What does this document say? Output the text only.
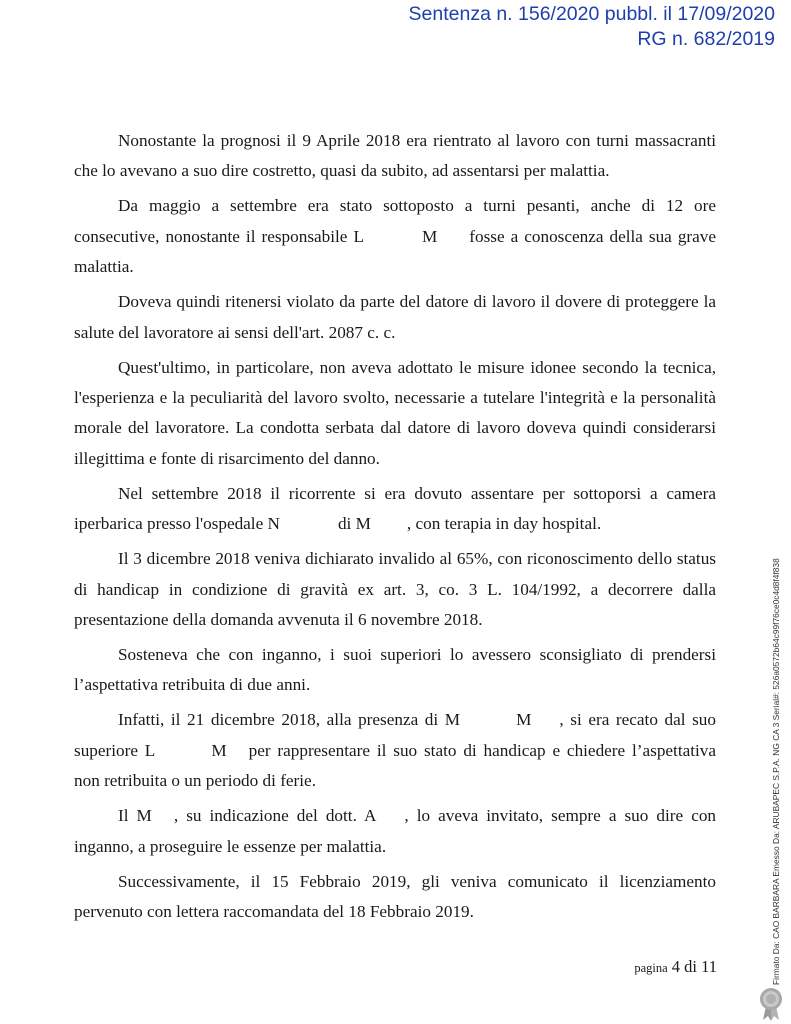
Sentenza n. 156/2020 pubbl. il 17/09/2020
RG n. 682/2019

Nonostante la prognosi il 9 Aprile 2018 era rientrato al lavoro con turni massacranti che lo avevano a suo dire costretto, quasi da subito, ad assentarsi per malattia.

Da maggio a settembre era stato sottoposto a turni pesanti, anche di 12 ore consecutive, nonostante il responsabile L	M fosse a conoscenza della sua grave malattia.

Doveva quindi ritenersi violato da parte del datore di lavoro il dovere di proteggere la salute del lavoratore ai sensi dell'art. 2087 c. c.

Quest'ultimo, in particolare, non aveva adottato le misure idonee secondo la tecnica, l'esperienza e la peculiarità del lavoro svolto, necessarie a tutelare l'integrità e la personalità morale del lavoratore. La condotta serbata dal datore di lavoro doveva quindi considerarsi illegittima e fonte di risarcimento del danno.

Nel settembre 2018 il ricorrente si era dovuto assentare per sottoporsi a camera iperbarica presso l'ospedale N	di M , con terapia in day hospital.

Il 3 dicembre 2018 veniva dichiarato invalido al 65%, con riconoscimento dello status di handicap in condizione di gravità ex art. 3, co. 3 L. 104/1992, a decorrere dalla presentazione della domanda avvenuta il 6 novembre 2018.

Sosteneva che con inganno, i suoi superiori lo avessero sconsigliato di prendersi l’aspettativa retribuita di due anni.

Infatti, il 21 dicembre 2018, alla presenza di M	M , si era recato dal suo superiore L	M per rappresentare il suo stato di handicap e chiedere l’aspettativa non retribuita o un periodo di ferie.

Il M , su indicazione del dott. A , lo aveva invitato, sempre a suo dire con inganno, a proseguire le essenze per malattia.

Successivamente, il 15 Febbraio 2019, gli veniva comunicato il licenziamento pervenuto con lettera raccomandata del 18 Febbraio 2019.

pagina 4 di 11	Firmato Da: CAO BARBARA Emesso Da: ARUBAPEC S.P.A. NG CA 3 Serial#: 526a0572b64c99f76ce0c4d8f4f838
